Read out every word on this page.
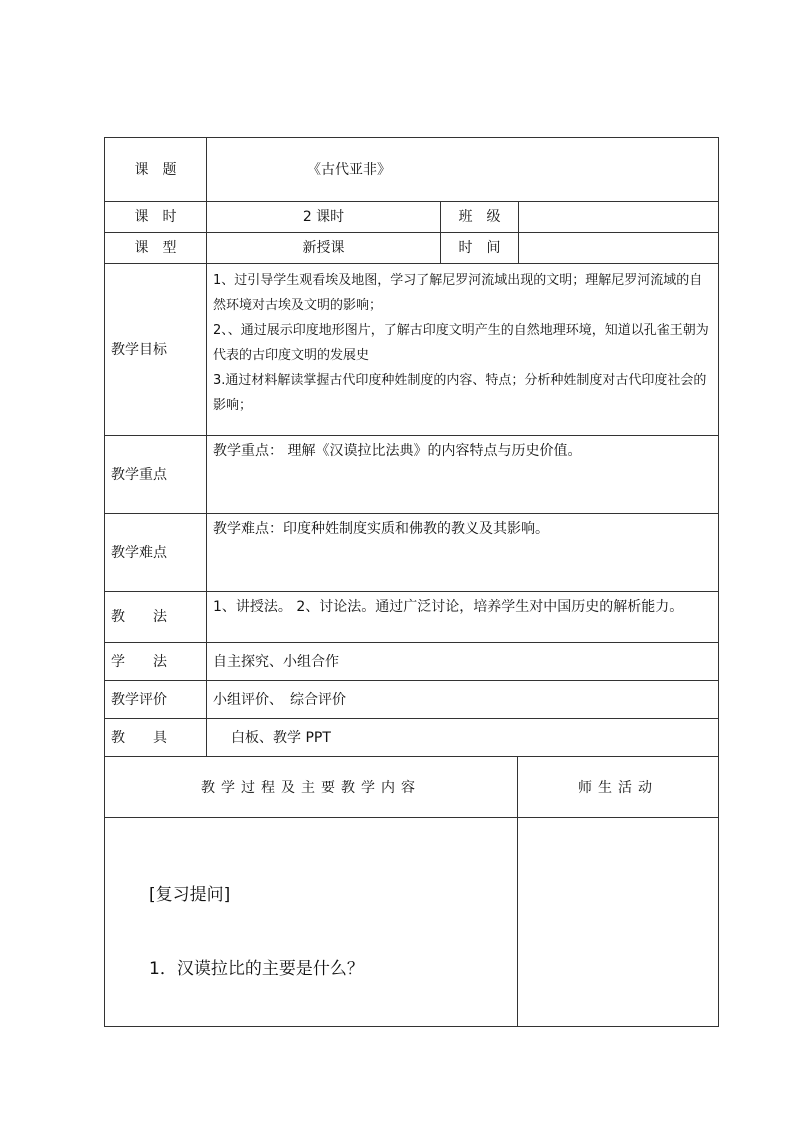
课　题	《古代亚非》		
课　时	2 课时	班　级	
课　型	新授课	时　间	
教学目标	1、过引导学生观看埃及地图，学习了解尼罗河流域出现的文明；理解尼罗河流域的自然环境对古埃及文明的影响；

2、、通过展示印度地形图片，了解古印度文明产生的自然地理环境，知道以孔雀王朝为代表的古印度文明的发展史

3.通过材料解读掌握古代印度种姓制度的内容、特点；分析种姓制度对古代印度社会的影响；		

教学重点	教学重点： 理解《汉谟拉比法典》的内容特点与历史价值。		
教学难点	教学难点：印度种姓制度实质和佛教的教义及其影响。		
教　　法	1、讲授法。 2、讨论法。通过广泛讨论，培养学生对中国历史的解析能力。		
学　　法	自主探究、小组合作		
教学评价	小组评价、　综合评价		
教　　具	白板、教学 PPT		
教学过程及主要教学内容	师生活动

[复习提问]
1．汉谟拉比的主要是什么？	
